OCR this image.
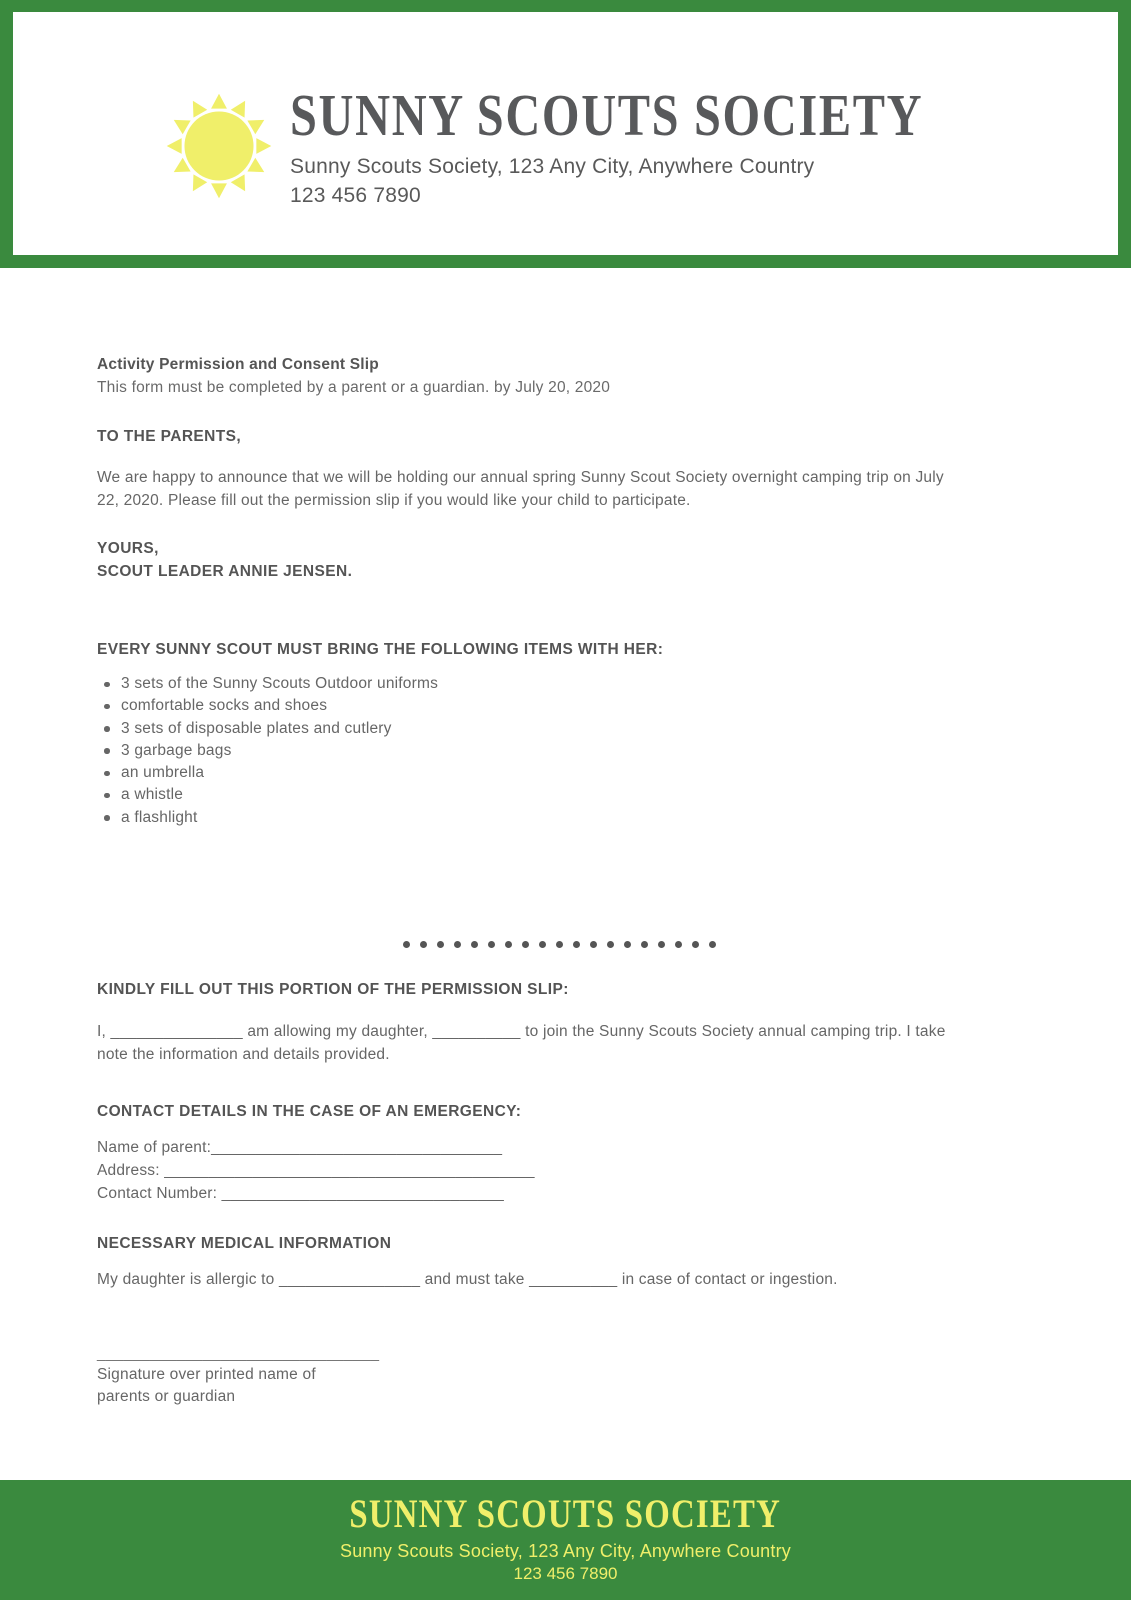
SUNNY SCOUTS SOCIETY
Sunny Scouts Society, 123 Any City, Anywhere Country
123 456 7890
Activity Permission and Consent Slip
This form must be completed by a parent or a guardian. by July 20, 2020
TO THE PARENTS,
We are happy to announce that we will be holding our annual spring Sunny Scout Society overnight camping trip on July 22, 2020. Please fill out the permission slip if you would like your child to participate.
YOURS,
SCOUT LEADER ANNIE JENSEN.
EVERY SUNNY SCOUT MUST BRING THE FOLLOWING ITEMS WITH HER:
3 sets of the Sunny Scouts Outdoor uniforms
comfortable socks and shoes
3 sets of disposable plates and cutlery
3 garbage bags
an umbrella
a whistle
a flashlight
KINDLY FILL OUT THIS PORTION OF THE PERMISSION SLIP:
I, _______________ am allowing my daughter, __________ to join the Sunny Scouts Society annual camping trip. I take note the information and details provided.
CONTACT DETAILS IN THE CASE OF AN EMERGENCY:
Name of parent:_________________________________
Address: __________________________________________
Contact Number: ________________________________
NECESSARY MEDICAL INFORMATION
My daughter is allergic to ________________ and must take __________ in case of contact or ingestion.
________________________________
Signature over printed name of
parents or guardian
SUNNY SCOUTS SOCIETY
Sunny Scouts Society, 123 Any City, Anywhere Country
123 456 7890
